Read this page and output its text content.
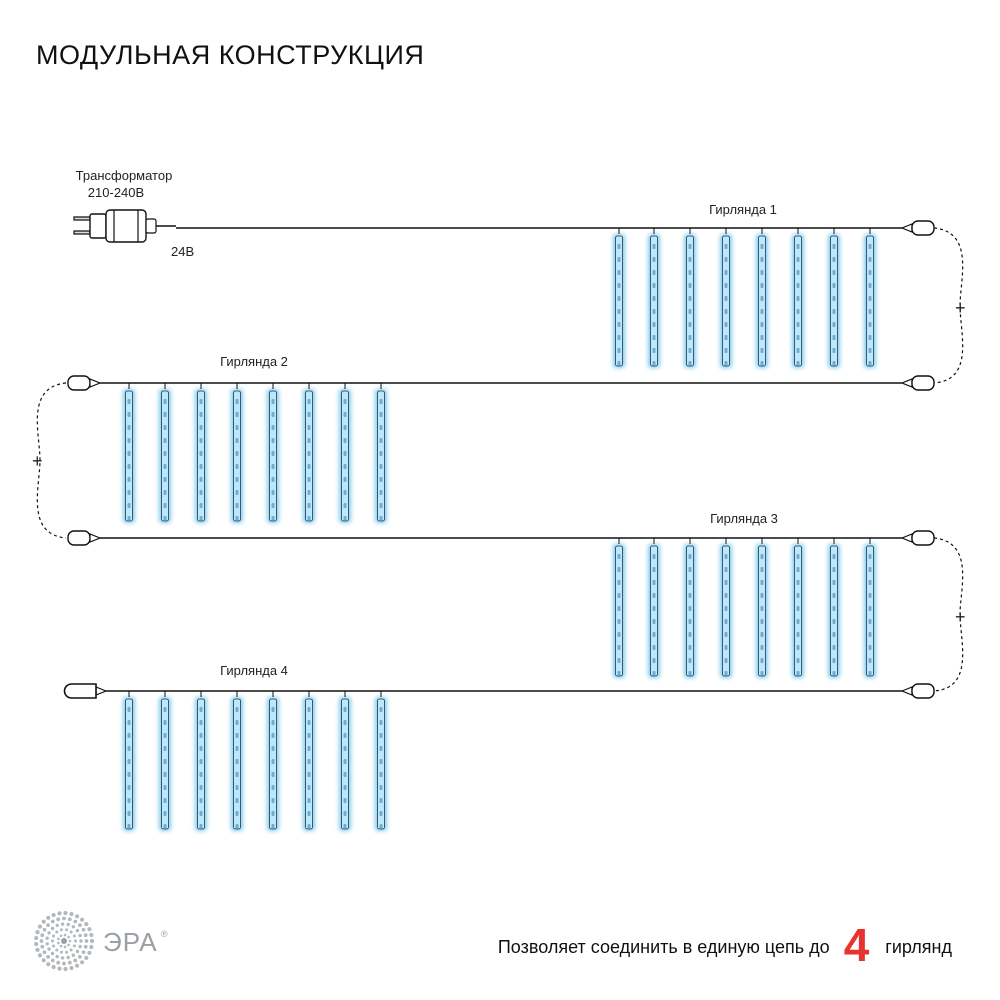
МОДУЛЬНАЯ КОНСТРУКЦИЯ
Трансформатор
210-240В
24В
Гирлянда 1
Гирлянда 2
Гирлянда 3
Гирлянда 4
+
+
+
ЭРА ®
Позволяет соединить в единую цепь до 4 гирлянд
